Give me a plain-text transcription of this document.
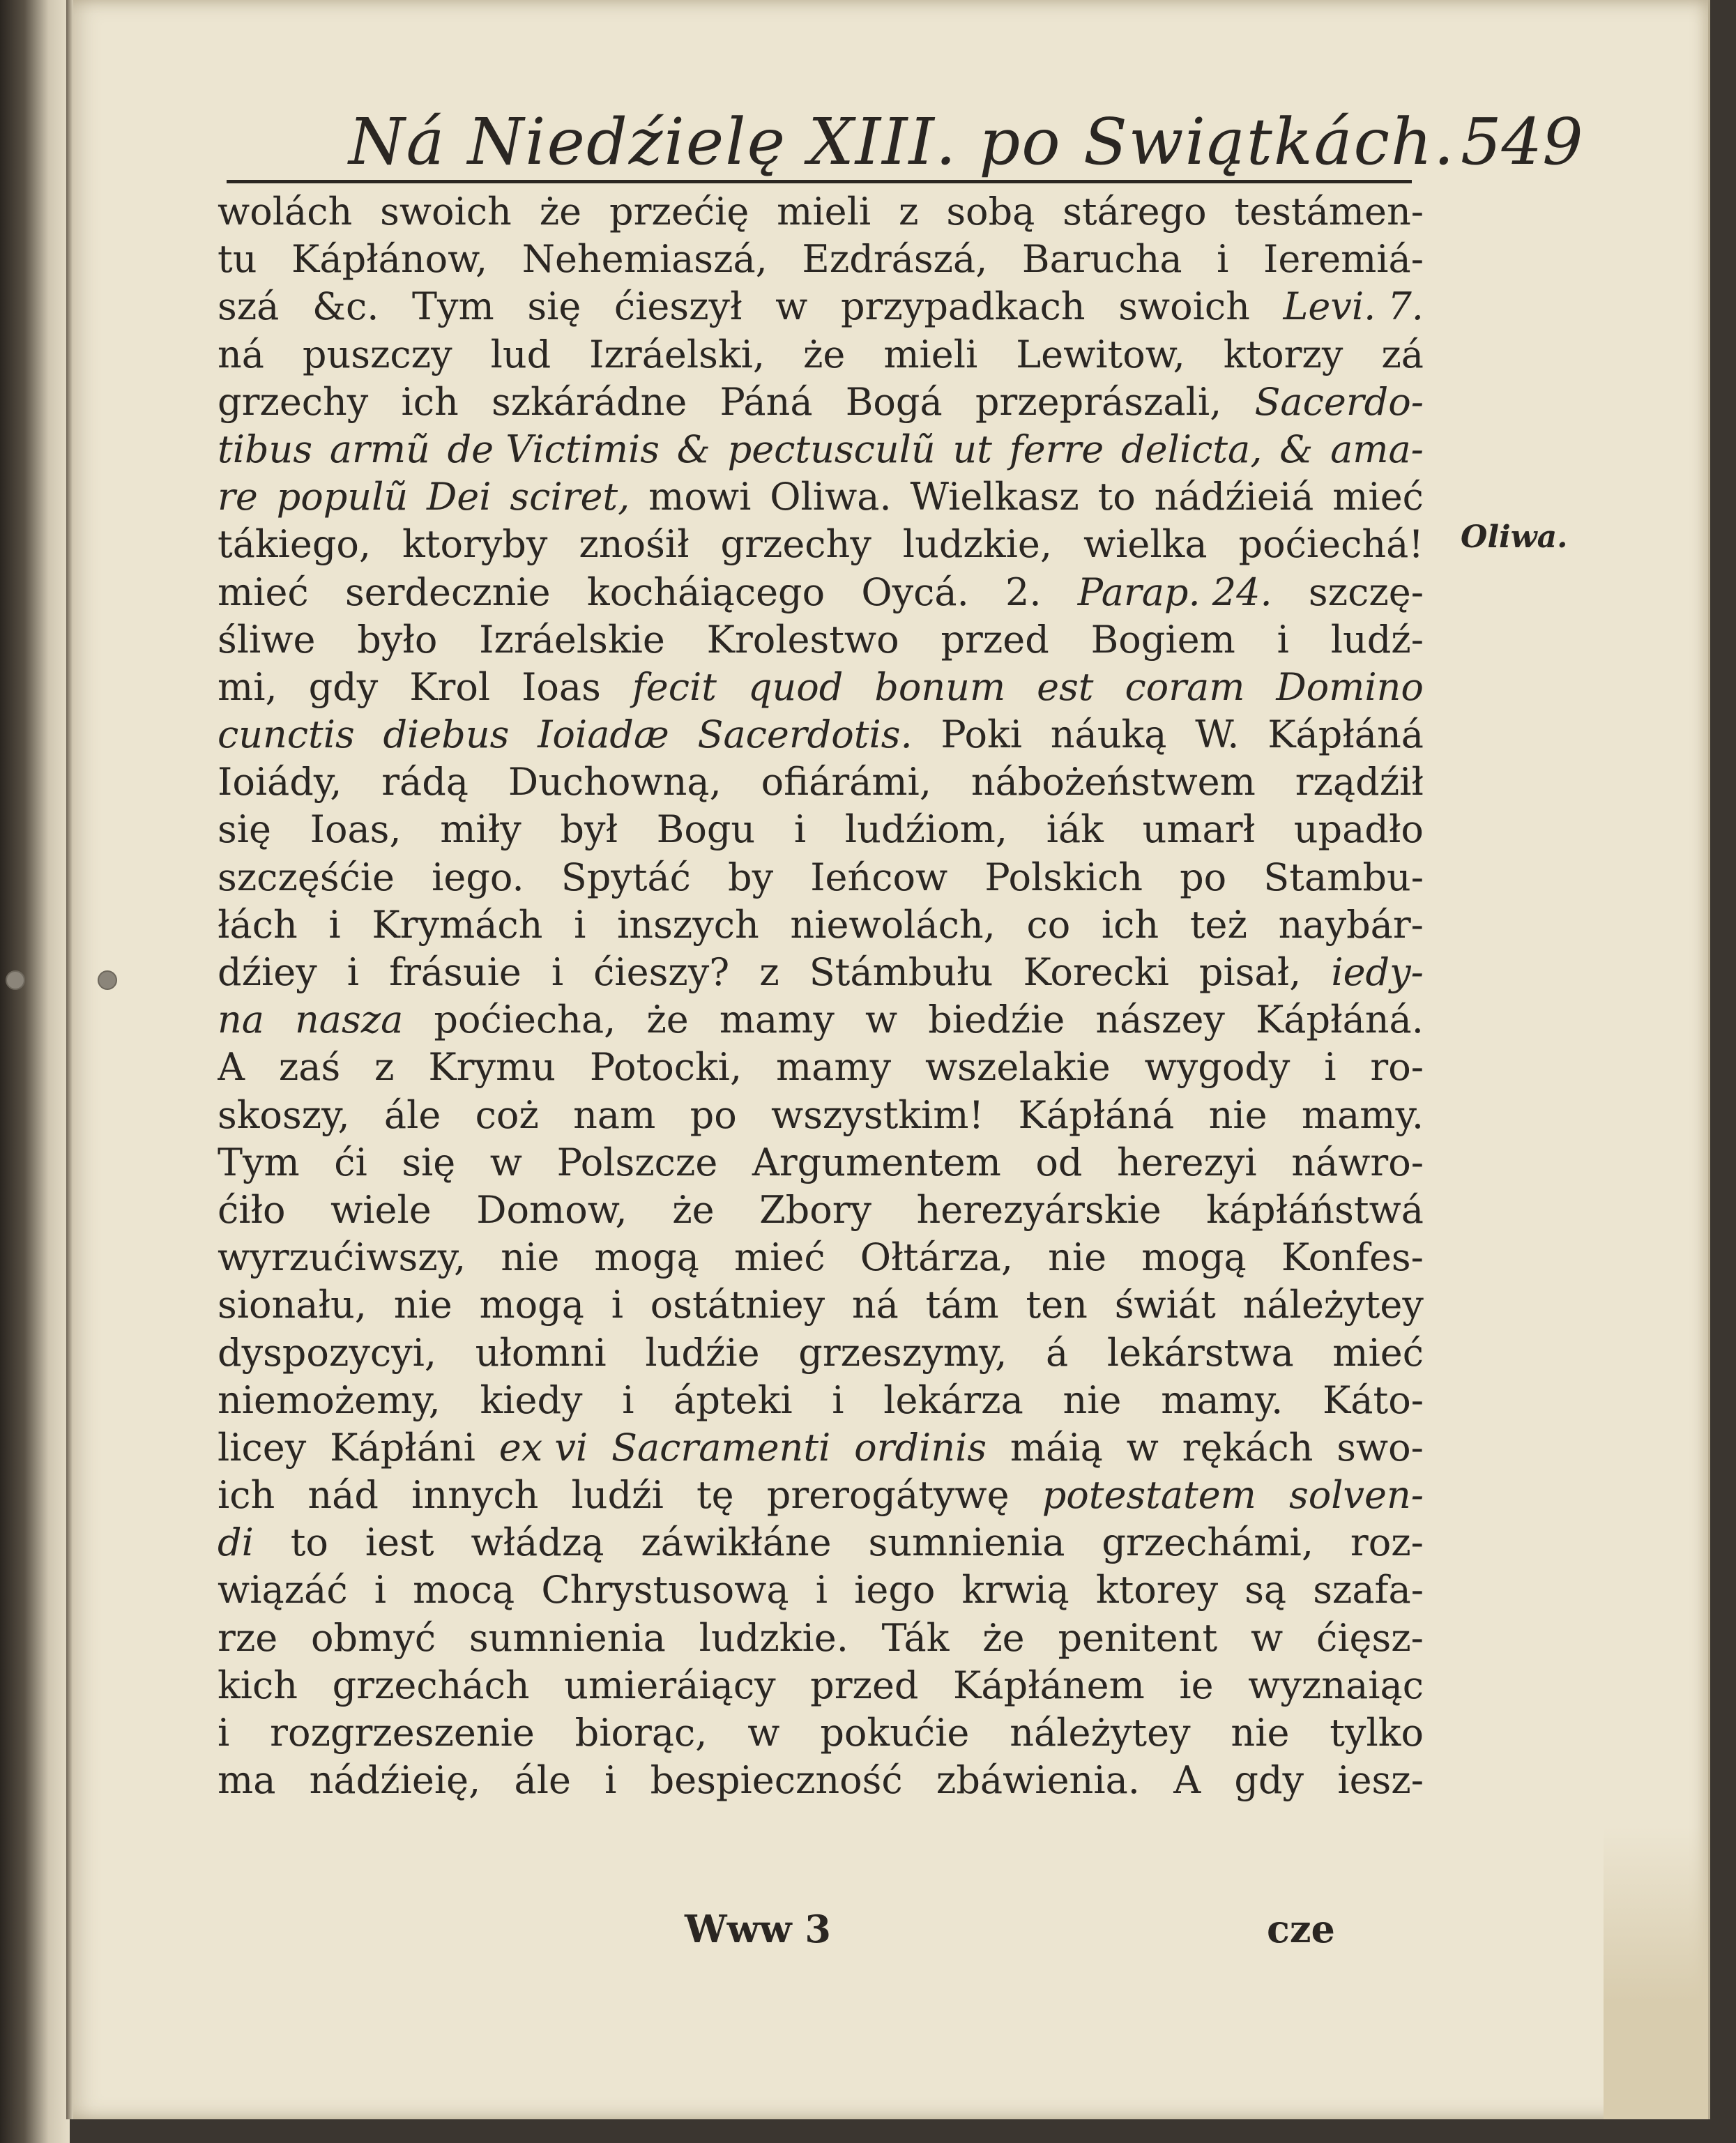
Ná Niedźielę XIII. po Swiątkách. 549
wolách swoich że przećię mieli z sobą stárego testámen-
tu Kápłánow, Nehemiaszá, Ezdrászá, Barucha i Ieremiá-
szá &c. Tym się ćieszył w przypadkach swoich Levi. 7.
ná puszczy lud Izráelski, że mieli Lewitow, ktorzy zá
grzechy ich szkárádne Páná Bogá przeprászali, Sacerdo-
tibus armũ de Victimis & pectusculũ ut ferre delicta, & ama-
re populũ Dei sciret, mowi Oliwa. Wielkasz to nádźieiá mieć
tákiego, ktoryby znośił grzechy ludzkie, wielka poćiechá!
mieć serdecznie kocháiącego Oycá. 2. Parap. 24. szczę-
śliwe było Izráelskie Krolestwo przed Bogiem i ludź-
mi, gdy Krol Ioas fecit quod bonum est coram Domino
cunctis diebus Ioiadæ Sacerdotis. Poki náuką W. Kápłáná
Ioiády, rádą Duchowną, ofiárámi, nábożeństwem rządźił
się Ioas, miły był Bogu i ludźiom, iák umarł upadło
szczęśćie iego. Spytáć by Ieńcow Polskich po Stambu-
łách i Krymách i inszych niewolách, co ich też naybár-
dźiey i frásuie i ćieszy? z Stámbułu Korecki pisał, iedy-
na nasza poćiecha, że mamy w biedźie nászey Kápłáná.
A zaś z Krymu Potocki, mamy wszelakie wygody i ro-
skoszy, ále coż nam po wszystkim! Kápłáná nie mamy.
Tym ći się w Polszcze Argumentem od herezyi náwro-
ćiło wiele Domow, że Zbory herezyárskie kápłáństwá
wyrzućiwszy, nie mogą mieć Ołtárza, nie mogą Konfes-
sionału, nie mogą i ostátniey ná tám ten świát náleżytey
dyspozycyi, ułomni ludźie grzeszymy, á lekárstwa mieć
niemożemy, kiedy i ápteki i lekárza nie mamy. Káto-
licey Kápłáni ex vi Sacramenti ordinis máią w rękách swo-
ich nád innych ludźi tę prerogátywę potestatem solven-
di to iest włádzą záwikłáne sumnienia grzechámi, roz-
wiązáć i mocą Chrystusową i iego krwią ktorey są szafa-
rze obmyć sumnienia ludzkie. Ták że penitent w ćięsz-
kich grzechách umieráiący przed Kápłánem ie wyznaiąc
i rozgrzeszenie biorąc, w pokućie náleżytey nie tylko
ma nádźieię, ále i bespieczność zbáwienia. A gdy iesz-
Oliwa.
Www 3	cze
